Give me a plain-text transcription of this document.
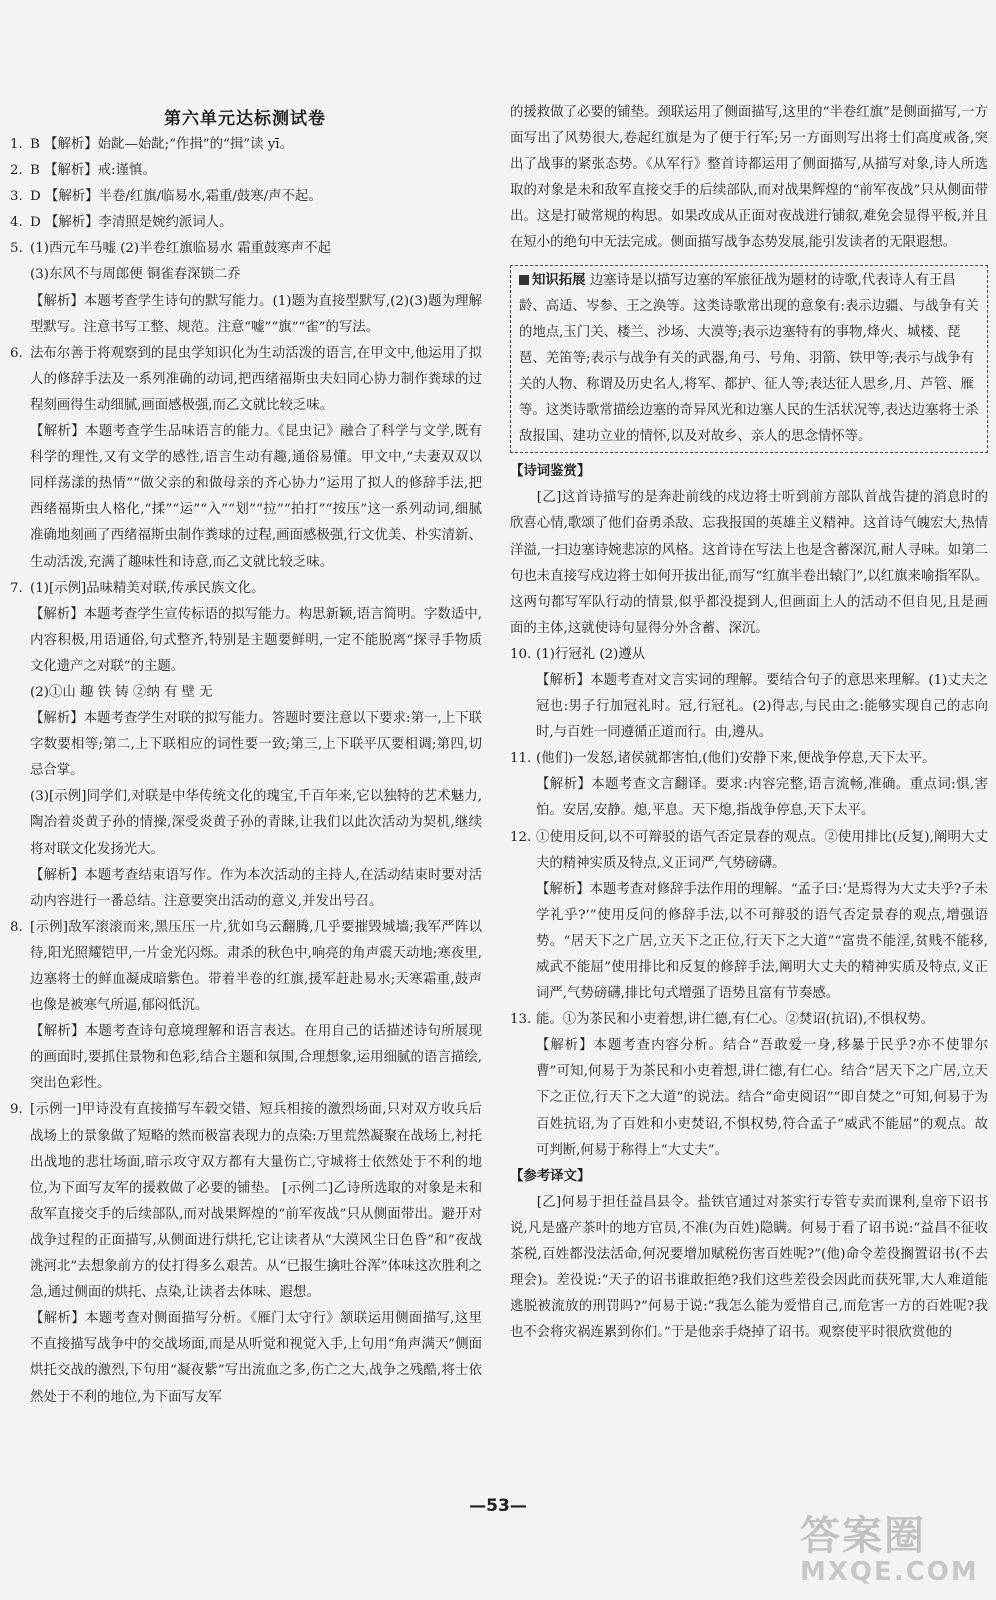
第六单元达标测试卷
1. B 【解析】始龀—始龀;“作揖”的“揖”读 yī。
2. B 【解析】戒:谨慎。
3. D 【解析】半卷/红旗/临易水,霜重/鼓寒/声不起。
4. D 【解析】李清照是婉约派词人。
5. (1)西元车马嘘 (2)半卷红旗临易水 霜重鼓寒声不起
(3)东风不与周郎便 铜雀春深锁二乔
【解析】本题考查学生诗句的默写能力。(1)题为直接型默写,(2)(3)题为理解型默写。注意书写工整、规范。注意“嘘”“旗”“雀”的写法。
6. 法布尔善于将观察到的昆虫学知识化为生动活泼的语言,在甲文中,他运用了拟人的修辞手法及一系列准确的动词,把西绪福斯虫夫妇同心协力制作粪球的过程刻画得生动细腻,画面感极强,而乙文就比较乏味。
【解析】本题考查学生品味语言的能力。《昆虫记》融合了科学与文学,既有科学的理性,又有文学的感性,语言生动有趣,通俗易懂。甲文中,“夫妻双双以同样荡漾的热情”“做父亲的和做母亲的齐心协力”运用了拟人的修辞手法,把西绪福斯虫人格化,“揉”“运”“入”“划”“拉”“拍打”“按压”这一系列动词,细腻准确地刻画了西绪福斯虫制作粪球的过程,画面感极强,行文优美、朴实清新、生动活泼,充满了趣味性和诗意,而乙文就比较乏味。
7. (1)[示例]品味精美对联,传承民族文化。
【解析】本题考查学生宣传标语的拟写能力。构思新颖,语言简明。字数适中,内容积极,用语通俗,句式整齐,特别是主题要鲜明,一定不能脱离“探寻手物质文化遗产之对联”的主题。
(2)①山 趣 铁 铸 ②纳 有 壁 无
【解析】本题考查学生对联的拟写能力。答题时要注意以下要求:第一,上下联字数要相等;第二,上下联相应的词性要一致;第三,上下联平仄要相调;第四,切忌合掌。
(3)[示例]同学们,对联是中华传统文化的瑰宝,千百年来,它以独特的艺术魅力,陶冶着炎黄子孙的情操,深受炎黄子孙的青睐,让我们以此次活动为契机,继续将对联文化发扬光大。
【解析】本题考查结束语写作。作为本次活动的主持人,在活动结束时要对活动内容进行一番总结。注意要突出活动的意义,并发出号召。
8. [示例]敌军滚滚而来,黑压压一片,犹如乌云翻腾,几乎要摧毁城墙;我军严阵以待,阳光照耀铠甲,一片金光闪烁。肃杀的秋色中,响亮的角声震天动地;寒夜里,边塞将士的鲜血凝成暗紫色。带着半卷的红旗,援军赶赴易水;天寒霜重,鼓声也像是被寒气所逼,郁闷低沉。
【解析】本题考查诗句意境理解和语言表达。在用自己的话描述诗句所展现的画面时,要抓住景物和色彩,结合主题和氛围,合理想象,运用细腻的语言描绘,突出色彩性。
9. [示例一]甲诗没有直接描写车毂交错、短兵相接的激烈场面,只对双方收兵后战场上的景象做了短略的然而极富表现力的点染:万里荒然凝聚在战场上,衬托出战地的悲壮场面,暗示攻守双方都有大量伤亡,守城将士依然处于不利的地位,为下面写友军的援救做了必要的铺垫。 [示例二]乙诗所选取的对象是未和敌军直接交手的后续部队,而对战果辉煌的“前军夜战”只从侧面带出。避开对战争过程的正面描写,从侧面进行烘托,它让读者从“大漠风尘日色昏”和“夜战洮河北”去想象前方的仗打得多么艰苦。从“已报生擒吐谷浑”体味这次胜利之急,通过侧面的烘托、点染,让读者去体味、遐想。
【解析】本题考查对侧面描写分析。《雁门太守行》颔联运用侧面描写,这里不直接描写战争中的交战场面,而是从听觉和视觉入手,上句用“角声满天”侧面烘托交战的激烈,下句用“凝夜紫”写出流血之多,伤亡之大,战争之残酷,将士依然处于不利的地位,为下面写友军
的援救做了必要的铺垫。颈联运用了侧面描写,这里的“半卷红旗”是侧面描写,一方面写出了风势很大,卷起红旗是为了便于行军;另一方面则写出将士们高度戒备,突出了战事的紧张态势。《从军行》整首诗都运用了侧面描写,从描写对象,诗人所选取的对象是未和敌军直接交手的后续部队,而对战果辉煌的“前军夜战”只从侧面带出。这是打破常规的构思。如果改成从正面对夜战进行铺叙,难免会显得平板,并且在短小的绝句中无法完成。侧面描写战争态势发展,能引发读者的无限遐想。
知识拓展 边塞诗是以描写边塞的军旅征战为题材的诗歌,代表诗人有王昌龄、高适、岑参、王之涣等。这类诗歌常出现的意象有:表示边疆、与战争有关的地点,玉门关、楼兰、沙场、大漠等;表示边塞特有的事物,烽火、城楼、琵琶、羌笛等;表示与战争有关的武器,角弓、号角、羽箭、铁甲等;表示与战争有关的人物、称谓及历史名人,将军、都护、征人等;表达征人思乡,月、芦管、雁等。这类诗歌常描绘边塞的奇异风光和边塞人民的生活状况等,表达边塞将士杀敌报国、建功立业的情怀,以及对故乡、亲人的思念情怀等。
【诗词鉴赏】
[乙]这首诗描写的是奔赴前线的戍边将士听到前方部队首战告捷的消息时的欣喜心情,歌颂了他们奋勇杀敌、忘我报国的英雄主义精神。这首诗气魄宏大,热情洋溢,一扫边塞诗婉悲凉的风格。这首诗在写法上也是含蓄深沉,耐人寻味。如第二句也未直接写戍边将士如何开拔出征,而写“红旗半卷出辕门”,以红旗来喻指军队。这两句都写军队行动的情景,似乎都没提到人,但画面上人的活动不但自见,且是画面的主体,这就使诗句显得分外含蓄、深沉。
10. (1)行冠礼 (2)遵从
【解析】本题考查对文言实词的理解。要结合句子的意思来理解。(1)丈夫之冠也:男子行加冠礼时。冠,行冠礼。(2)得志,与民由之:能够实现自己的志向时,与百姓一同遵循正道而行。由,遵从。
11. (他们)一发怒,诸侯就都害怕,(他们)安静下来,便战争停息,天下太平。
【解析】本题考查文言翻译。要求:内容完整,语言流畅,准确。重点词:惧,害怕。安居,安静。熄,平息。天下熄,指战争停息,天下太平。
12. ①使用反问,以不可辩驳的语气否定景春的观点。②使用排比(反复),阐明大丈夫的精神实质及特点,义正词严,气势磅礴。
【解析】本题考查对修辞手法作用的理解。“孟子曰:‘是焉得为大丈夫乎?子未学礼乎?’”使用反问的修辞手法,以不可辩驳的语气否定景春的观点,增强语势。“居天下之广居,立天下之正位,行天下之大道”“富贵不能淫,贫贱不能移,威武不能屈”使用排比和反复的修辞手法,阐明大丈夫的精神实质及特点,义正词严,气势磅礴,排比句式增强了语势且富有节奏感。
13. 能。①为茶民和小吏着想,讲仁德,有仁心。②焚诏(抗诏),不惧权势。
【解析】本题考查内容分析。结合“吾敢爱一身,移暴于民乎?亦不使罪尔曹”可知,何易于为茶民和小吏着想,讲仁德,有仁心。结合“居天下之广居,立天下之正位,行天下之大道”的说法。结合“命吏阅诏”“即自焚之”可知,何易于为百姓抗诏,为了百姓和小吏焚诏,不惧权势,符合孟子“威武不能屈”的观点。故可判断,何易于称得上“大丈夫”。
【参考译文】
[乙]何易于担任益昌县令。盐铁官通过对茶实行专管专卖而课利,皇帝下诏书说,凡是盛产茶叶的地方官员,不准(为百姓)隐瞒。何易于看了诏书说:“益昌不征收茶税,百姓都没法活命,何况要增加赋税伤害百姓呢?”(他)命令差役搁置诏书(不去理会)。差役说:“天子的诏书谁敢拒绝?我们这些差役会因此而获死罪,大人难道能逃脱被流放的刑罚吗?”何易于说:“我怎么能为爱惜自己,而危害一方的百姓呢?我也不会将灾祸连累到你们。”于是他亲手烧掉了诏书。观察使平时很欣赏他的
—53—
答案圈
MXQE.COM
